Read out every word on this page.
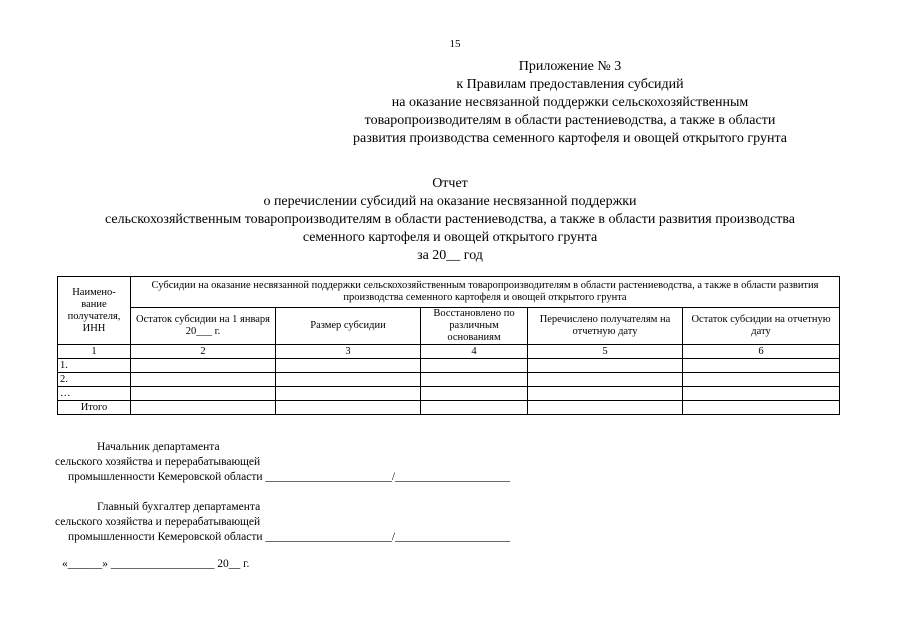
15
Приложение № 3
к Правилам предоставления субсидий
на оказание несвязанной поддержки сельскохозяйственным
товаропроизводителям в области растениеводства, а также в области
развития производства семенного картофеля и овощей открытого грунта
Отчет
о перечислении субсидий на оказание несвязанной поддержки
сельскохозяйственным товаропроизводителям в области растениеводства, а также в области развития производства
семенного картофеля и овощей открытого грунта
за 20__ год
Наимено-вание получателя, ИНН	Субсидии на оказание несвязанной поддержки сельскохозяйственным товаропроизводителям в области растениеводства, а также в области развития производства семенного картофеля и овощей открытого грунта				
	Остаток субсидии на 1 января 20___ г.	Размер субсидии	Восстановлено по различным основаниям	Перечислено получателям на отчетную дату	Остаток субсидии на отчетную дату
1	2	3	4	5	6
1.					
2.					
…					
Итого					
Начальник департамента
сельского хозяйства и перерабатывающей
промышленности Кемеровской области ______________________/____________________
Главный бухгалтер департамента
сельского хозяйства и перерабатывающей
промышленности Кемеровской области ______________________/____________________
«______» __________________ 20__ г.
